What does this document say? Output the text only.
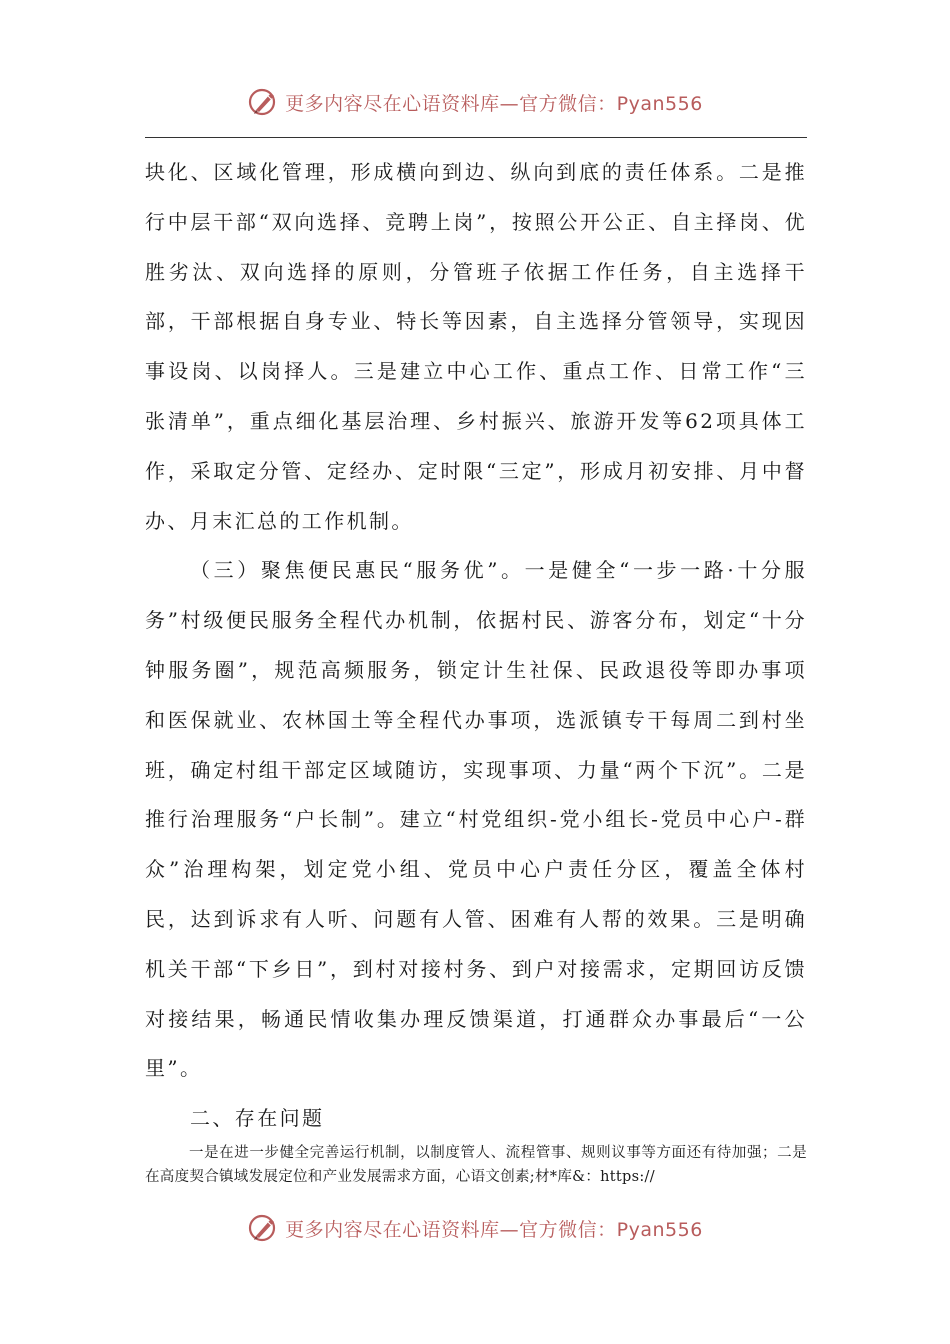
更多内容尽在心语资料库—官方微信：Pyan556

块化、区域化管理，形成横向到边、纵向到底的责任体系。二是推行中层干部“双向选择、竞聘上岗”，按照公开公正、自主择岗、优胜劣汰、双向选择的原则，分管班子依据工作任务，自主选择干部，干部根据自身专业、特长等因素，自主选择分管领导，实现因事设岗、以岗择人。三是建立中心工作、重点工作、日常工作“三张清单”，重点细化基层治理、乡村振兴、旅游开发等62项具体工作，采取定分管、定经办、定时限“三定”，形成月初安排、月中督办、月末汇总的工作机制。

（三）聚焦便民惠民“服务优”。一是健全“一步一路·十分服务”村级便民服务全程代办机制，依据村民、游客分布，划定“十分钟服务圈”，规范高频服务，锁定计生社保、民政退役等即办事项和医保就业、农林国土等全程代办事项，选派镇专干每周二到村坐班，确定村组干部定区域随访，实现事项、力量“两个下沉”。二是推行治理服务“户长制”。建立“村党组织-党小组长-党员中心户-群众”治理构架，划定党小组、党员中心户责任分区，覆盖全体村民，达到诉求有人听、问题有人管、困难有人帮的效果。三是明确机关干部“下乡日”，到村对接村务、到户对接需求，定期回访反馈对接结果，畅通民情收集办理反馈渠道，打通群众办事最后“一公里”。

二、存在问题

一是在进一步健全完善运行机制，以制度管人、流程管事、规则议事等方面还有待加强；二是在高度契合镇域发展定位和产业发展需求方面，心语文创素;材*库&：https://

更多内容尽在心语资料库—官方微信：Pyan556
